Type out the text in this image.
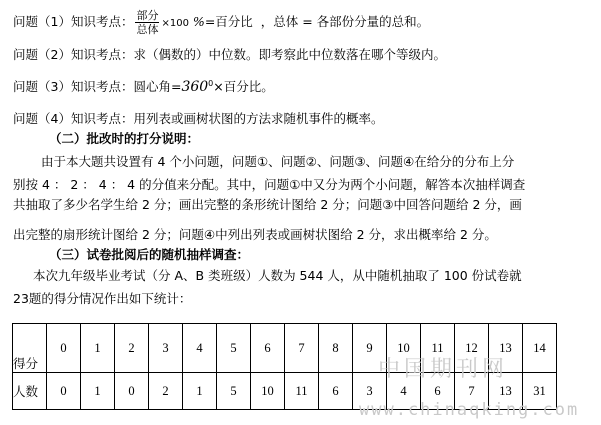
问题（1）知识考点： $\frac{\text{部分}}{\text{总体}} \times 100$ %=百分比 ，总体 = 各部份分量的总和。
问题（2）知识考点：求（偶数的）中位数。即考察此中位数落在哪个等级内。
问题（3）知识考点：圆心角$=360^0\times$百分比。
问题（4）知识考点：用列表或画树状图的方法求随机事件的概率。
（二）批改时的打分说明：
由于本大题共设置有 4 个小问题，问题①、问题②、问题③、问题④在给分的分布上分
别按 4 ： 2 ： 4 ： 4 的分值来分配。其中，问题①中又分为两个小问题，解答本次抽样调查
共抽取了多少名学生给 2 分；画出完整的条形统计图给 2 分；问题③中回答问题给 2 分，画
出完整的扇形统计图给 2 分；问题④中列出列表或画树状图给 2 分，求出概率给 2 分。
（三）试卷批阅后的随机抽样调查：
本次九年级毕业考试（分 A、B 类班级）人数为 544 人，从中随机抽取了 100 份试卷就
23题的得分情况作出如下统计：
得分	0	1	2	3	4	5	6	7	8	9	10	11	12	13	14
人数	0	1	0	2	1	5	10	11	6	3	4	6	7	13	31
中国期刊网
www.chinaqking.com
